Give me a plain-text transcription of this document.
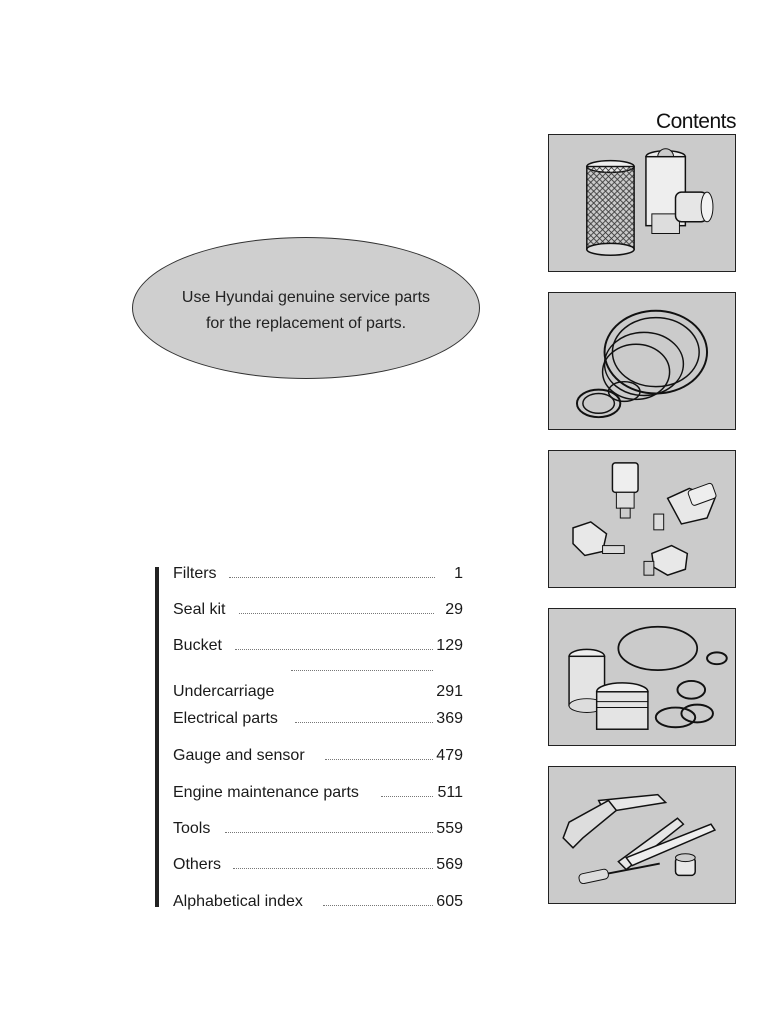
Contents
Use Hyundai genuine service parts
for the replacement of parts.
Filters	1
Seal kit	29
Bucket	129
Undercarriage	291
Electrical parts	369
Gauge and sensor	479
Engine maintenance parts	511
Tools	559
Others	569
Alphabetical index	605
